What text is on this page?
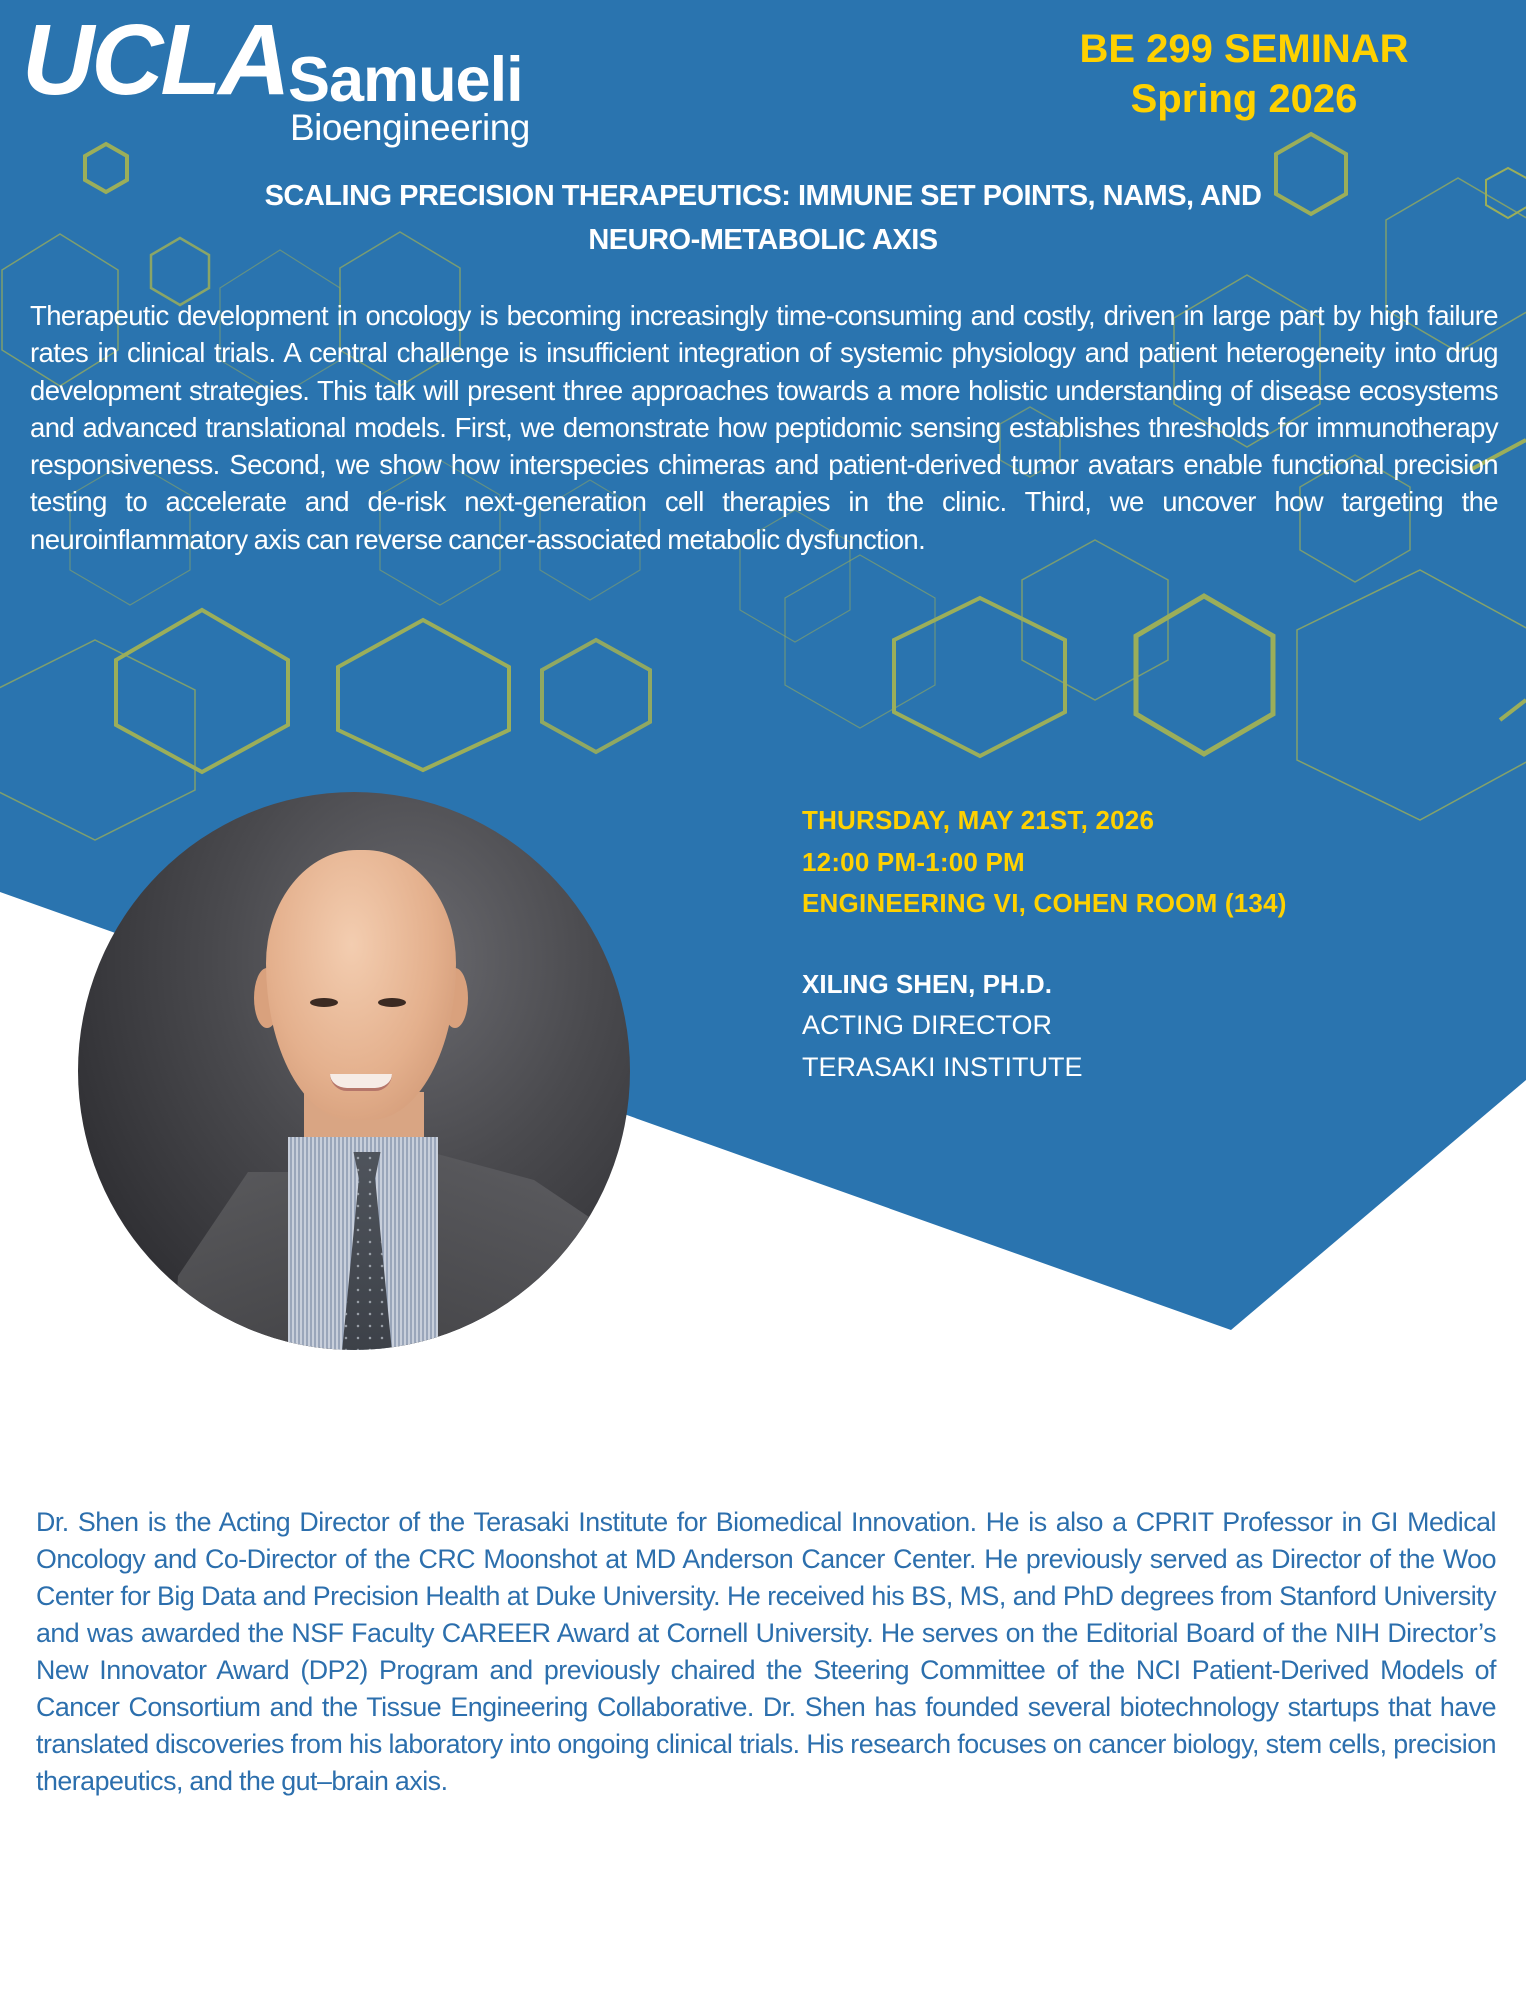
UCLA Samueli
Bioengineering
BE 299 SEMINAR
Spring 2026
SCALING PRECISION THERAPEUTICS: IMMUNE SET POINTS, NAMS, AND
NEURO-METABOLIC AXIS

Therapeutic development in oncology is becoming increasingly time-consuming and costly, driven in large part by high failure rates in clinical trials. A central challenge is insufficient integration of systemic physiology and patient heterogeneity into drug development strategies. This talk will present three approaches towards a more holistic understanding of disease ecosystems and advanced translational models. First, we demonstrate how peptidomic sensing establishes thresholds for immunotherapy responsiveness. Second, we show how interspecies chimeras and patient-derived tumor avatars enable functional precision testing to accelerate and de-risk next-generation cell therapies in the clinic. Third, we uncover how targeting the neuroinflammatory axis can reverse cancer-associated metabolic dysfunction.

THURSDAY, MAY 21ST, 2026
12:00 PM-1:00 PM
ENGINEERING VI, COHEN ROOM (134)
XILING SHEN, PH.D.
ACTING DIRECTOR
TERASAKI INSTITUTE

Dr. Shen is the Acting Director of the Terasaki Institute for Biomedical Innovation. He is also a CPRIT Professor in GI Medical Oncology and Co-Director of the CRC Moonshot at MD Anderson Cancer Center. He previously served as Director of the Woo Center for Big Data and Precision Health at Duke University. He received his BS, MS, and PhD degrees from Stanford University and was awarded the NSF Faculty CAREER Award at Cornell University. He serves on the Editorial Board of the NIH Director’s New Innovator Award (DP2) Program and previously chaired the Steering Committee of the NCI Patient-Derived Models of Cancer Consortium and the Tissue Engineering Collaborative. Dr. Shen has founded several biotechnology startups that have translated discoveries from his laboratory into ongoing clinical trials. His research focuses on cancer biology, stem cells, precision therapeutics, and the gut–brain axis.
